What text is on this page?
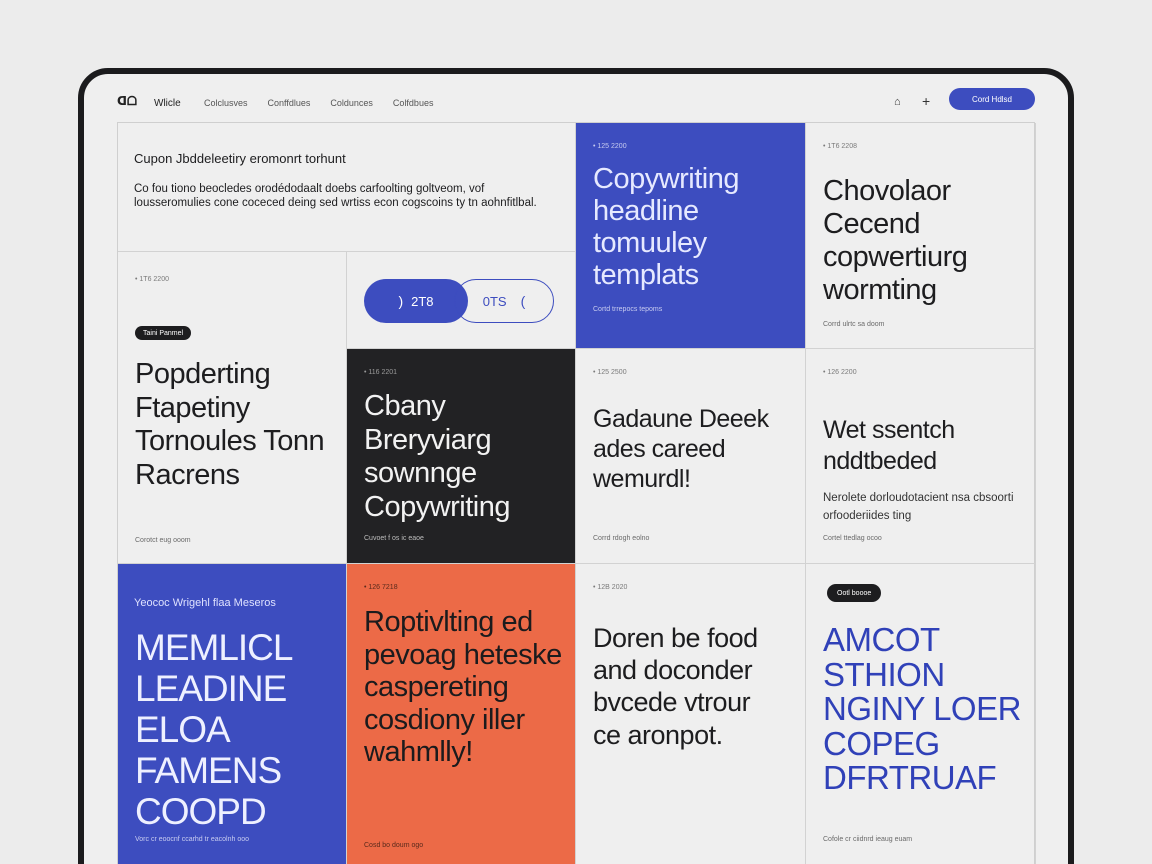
ᗡᗝ Wlicle	Colclusves Conffdlues Coldunces Colfdbues	⌂ +	Cord Hdlsd
Cupon Jbddeleetiry eromonrt torhunt
Co fou tiono beocledes orodédodaalt doebs carfoolting goltveom, vof lousseromulies cone coceced deing sed wrtiss econ cogscoins ty tn aohnfitlbal.
• 125 2200
Copywriting headline tomuuley templats
Cortd trrepocs tepoms
• 1T6 2208
Chovolaor Cecend copwertiurg wormting
Corrd ulrtc sa doom
• 1T6 2200
Taini Panmel
Popderting Ftapetiny Tornoules Tonn Racrens
Corotct eug ooom
) 2T8	0TS (
• 116 2201
Cbany Breryviarg sownnge Copywriting
Cuvoet f os ic eaoe
• 125 2500
Gadaune Deeek ades careed wemurdl!
Corrd rdogh eolno
• 126 2200
Wet ssentch nddtbeded
Nerolete dorloudotacient nsa cbsoorti orfooderiides ting
Cortel ttedlag ocoo
Yeococ Wrigehl flaa Meseros
MEMLICL LEADINE ELOA FAMENS COOPD
Vorc cr eoocnf ccarhd tr eacolnh ooo
• 126 7218
Roptivlting ed pevoag heteske caspereting cosdiony iller wahmlly!
Cosd bo doum ogo
• 12B 2020
Doren be food and doconder bvcede vtrour ce aronpot.
Ootl boooe
AMCOT STHION NGINY LOER COPEG DFRTRUAF
Cofole cr ciidnrd ieaug euam
